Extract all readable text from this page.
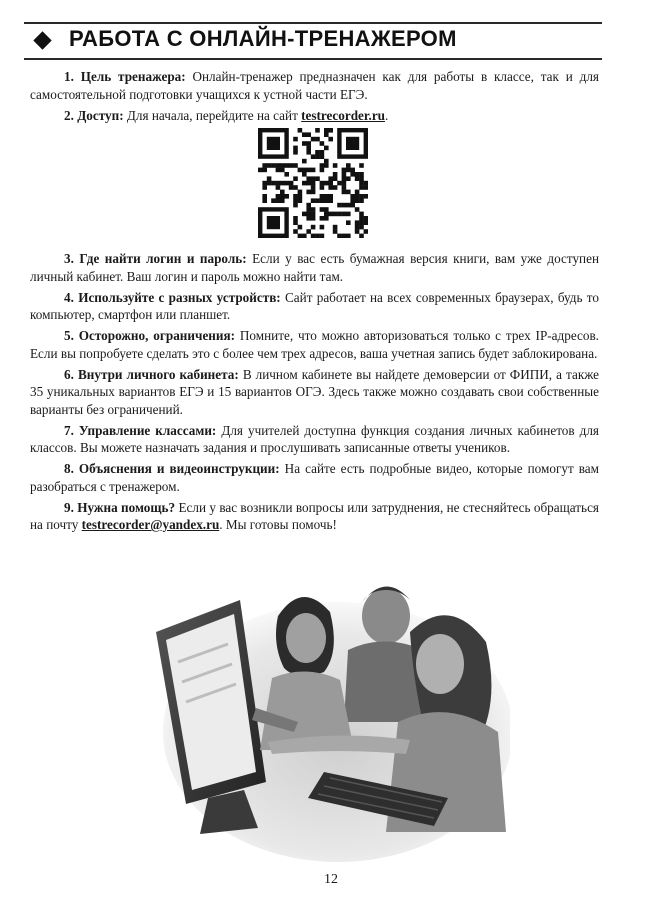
РАБОТА С ОНЛАЙН-ТРЕНАЖЕРОМ

1. Цель тренажера: Онлайн-тренажер предназначен как для работы в классе, так и для самостоятельной подготовки учащихся к устной части ЕГЭ.

2. Доступ: Для начала, перейдите на сайт testrecorder.ru.

3. Где найти логин и пароль: Если у вас есть бумажная версия книги, вам уже доступен личный кабинет. Ваш логин и пароль можно найти там.

4. Используйте с разных устройств: Сайт работает на всех современных браузерах, будь то компьютер, смартфон или планшет.

5. Осторожно, ограничения: Помните, что можно авторизоваться только с трех IP-адресов. Если вы попробуете сделать это с более чем трех адресов, ваша учетная запись будет заблокирована.

6. Внутри личного кабинета: В личном кабинете вы найдете демоверсии от ФИПИ, а также 35 уникальных вариантов ЕГЭ и 15 вариантов ОГЭ. Здесь также можно создавать свои собственные варианты без ограничений.

7. Управление классами: Для учителей доступна функция создания личных кабинетов для классов. Вы можете назначать задания и прослушивать записанные ответы учеников.

8. Объяснения и видеоинструкции: На сайте есть подробные видео, которые помогут вам разобраться с тренажером.

9. Нужна помощь? Если у вас возникли вопросы или затруднения, не стесняйтесь обращаться на почту testrecorder@yandex.ru. Мы готовы помочь!

12
